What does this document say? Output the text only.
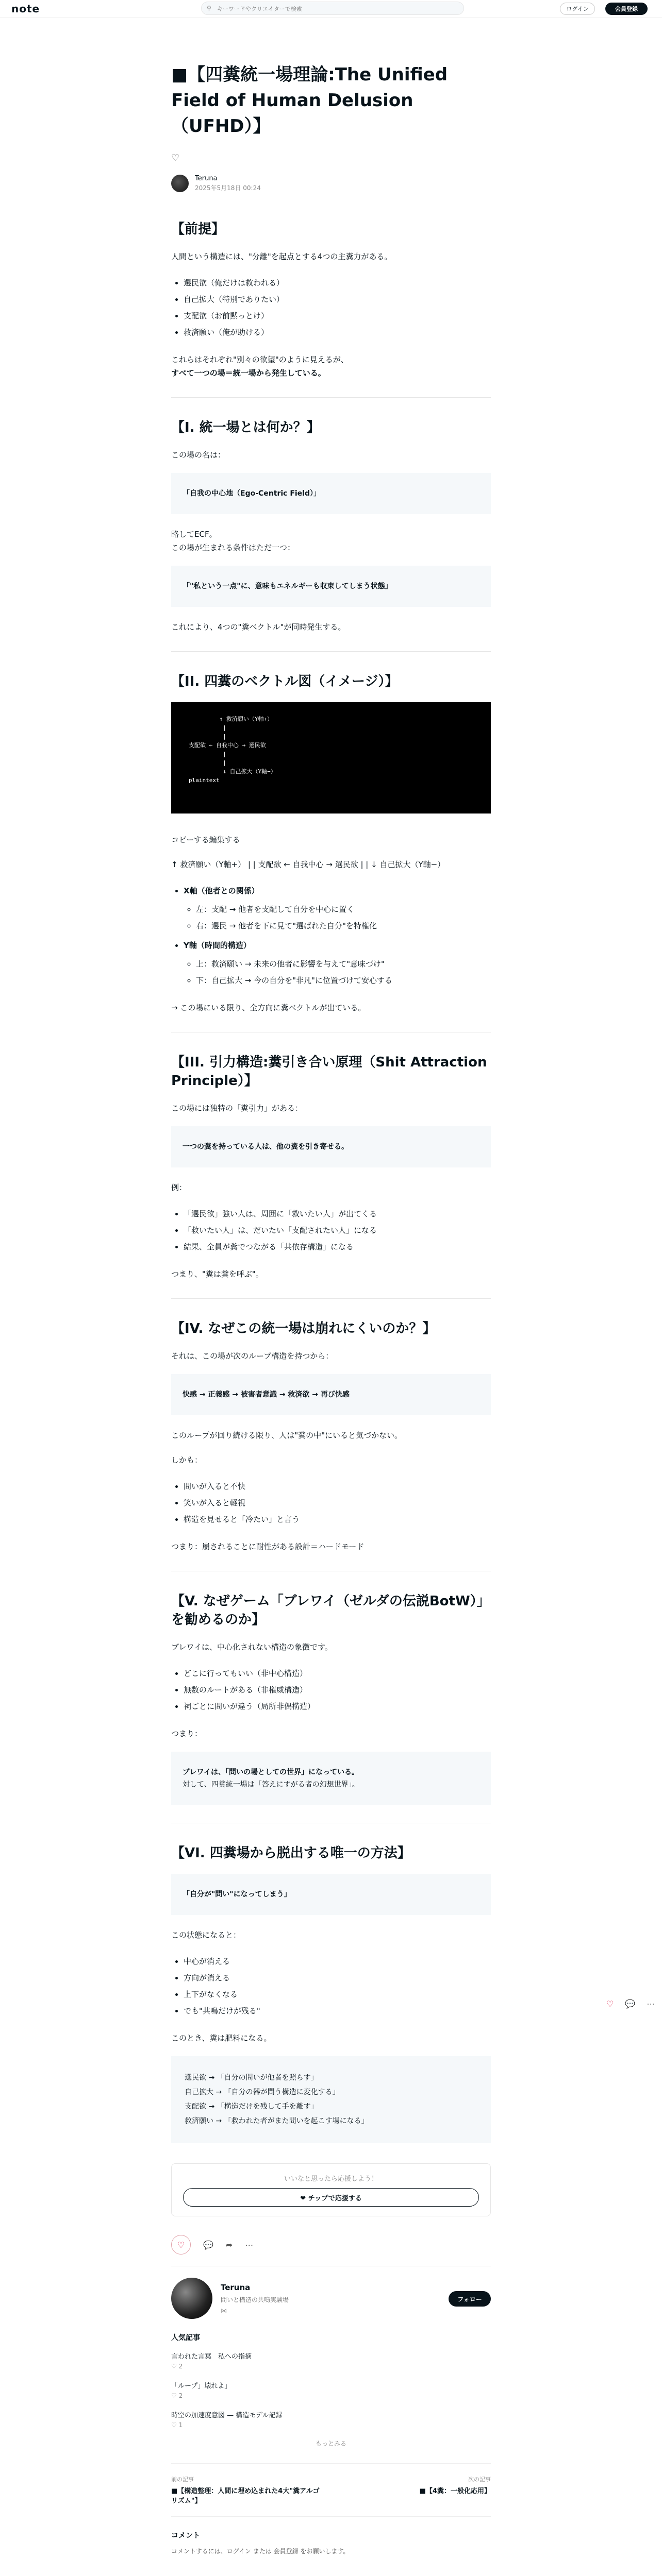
note	⚲
キーワードやクリエイターで検索	ログイン	会員登録
■【四糞統一場理論:The Unified Field of Human Delusion（UFHD）】
♡
Teruna
2025年5月18日 00:24
【前提】

人間という構造には、"分離"を起点とする4つの主糞力がある。

• 選民欲（俺だけは救われる）
• 自己拡大（特別でありたい）
• 支配欲（お前黙っとけ）
• 救済願い（俺が助ける）

これらはそれぞれ"別々の欲望"のように見えるが、

すべて一つの場＝統一場から発生している。

【I. 統一場とは何か？】

この場の名は：

「自我の中心地（Ego-Centric Field）」

略してECF。

この場が生まれる条件はただ一つ：

「"私という一点"に、意味もエネルギーも収束してしまう状態」

これにより、4つの"糞ベクトル"が同時発生する。

【II. 四糞のベクトル図（イメージ）】
↑ 救済願い（Y軸+）
|
|
支配欲 ← 自我中心 → 選民欲
|
|
↓ 自己拡大（Y軸−）
plaintext

コピーする編集する

↑ 救済願い（Y軸+） | | 支配欲 ← 自我中心 → 選民欲 | | ↓ 自己拡大（Y軸−）

• X軸（他者との関係）
◦ 左：支配 → 他者を支配して自分を中心に置く
◦ 右：選民 → 他者を下に見て"選ばれた自分"を特権化
• Y軸（時間的構造）
◦ 上：救済願い → 未来の他者に影響を与えて"意味づけ"
◦ 下：自己拡大 → 今の自分を"非凡"に位置づけて安心する

→ この場にいる限り、全方向に糞ベクトルが出ている。

【III. 引力構造:糞引き合い原理（Shit Attraction Principle）】

この場には独特の「糞引力」がある：

一つの糞を持っている人は、他の糞を引き寄せる。

例：

• 「選民欲」強い人は、周囲に「救いたい人」が出てくる
• 「救いたい人」は、だいたい「支配されたい人」になる
• 結果、全員が糞でつながる「共依存構造」になる

つまり、"糞は糞を呼ぶ"。

【IV. なぜこの統一場は崩れにくいのか？】

それは、この場が次のループ構造を持つから：

快感 → 正義感 → 被害者意識 → 救済欲 → 再び快感

このループが回り続ける限り、人は"糞の中"にいると気づかない。

しかも：

• 問いが入ると不快
• 笑いが入ると軽視
• 構造を見せると「冷たい」と言う

つまり：崩されることに耐性がある設計＝ハードモード

【V. なぜゲーム「ブレワイ（ゼルダの伝説BotW）」を勧めるのか】

ブレワイは、中心化されない構造の象徴です。

• どこに行ってもいい（非中心構造）
• 無数のルートがある（非権威構造）
• 祠ごとに問いが違う（局所非偶構造）

つまり：

ブレワイは、「問いの場としての世界」になっている。
対して、四糞統一場は「答えにすがる者の幻想世界」。
【VI. 四糞場から脱出する唯一の方法】
「自分が"問い"になってしまう」

この状態になると：

• 中心が消える
• 方向が消える
• 上下がなくなる
• でも"共鳴だけが残る"

このとき、糞は肥料になる。

選民欲 → 「自分の問いが他者を照らす」
自己拡大 → 「自分の器が問う構造に変化する」
支配欲 → 「構造だけを残して手を離す」
救済願い → 「救われた者がまた問いを起こす場になる」
いいなと思ったら応援しよう！
❤ チップで応援する
♡	💬 ➦ ⋯
Teruna
問いと構造の共鳴実験場
⋈
フォロー
人気記事
言われた言葉　私への指摘
♡ 2
「ループ」壊れよ」
♡ 2
時空の加速度意図 — 構造モデル記録
♡ 1
もっとみる
前の記事
■【構造整理：人間に埋め込まれた4大"糞アルゴリズム"】
次の記事
■【4糞：一般化応用】
コメント

コメントするには、ログイン または 会員登録 をお願いします。

♡ 💬 ⋯
